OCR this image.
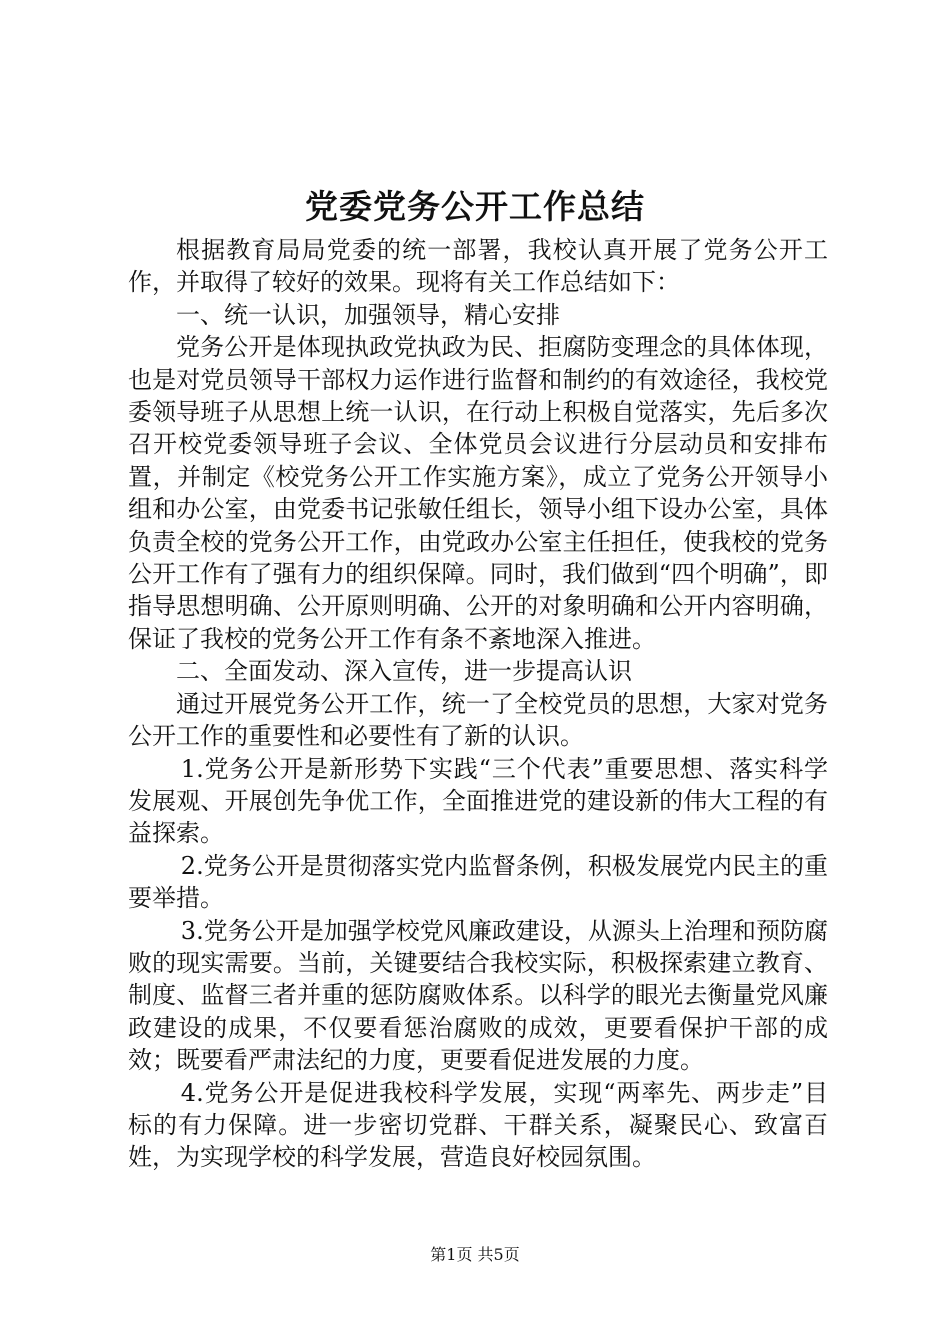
党委党务公开工作总结

根据教育局局党委的统一部署，我校认真开展了党务公开工作，并取得了较好的效果。现将有关工作总结如下：

一、统一认识，加强领导，精心安排

党务公开是体现执政党执政为民、拒腐防变理念的具体体现，也是对党员领导干部权力运作进行监督和制约的有效途径，我校党委领导班子从思想上统一认识，在行动上积极自觉落实，先后多次召开校党委领导班子会议、全体党员会议进行分层动员和安排布置，并制定《校党务公开工作实施方案》，成立了党务公开领导小组和办公室，由党委书记张敏任组长，领导小组下设办公室，具体负责全校的党务公开工作，由党政办公室主任担任，使我校的党务公开工作有了强有力的组织保障。同时，我们做到“四个明确”，即指导思想明确、公开原则明确、公开的对象明确和公开内容明确，保证了我校的党务公开工作有条不紊地深入推进。

二、全面发动、深入宣传，进一步提高认识

通过开展党务公开工作，统一了全校党员的思想，大家对党务公开工作的重要性和必要性有了新的认识。

1.党务公开是新形势下实践“三个代表”重要思想、落实科学发展观、开展创先争优工作，全面推进党的建设新的伟大工程的有益探索。

2.党务公开是贯彻落实党内监督条例，积极发展党内民主的重要举措。

3.党务公开是加强学校党风廉政建设，从源头上治理和预防腐败的现实需要。当前，关键要结合我校实际，积极探索建立教育、制度、监督三者并重的惩防腐败体系。以科学的眼光去衡量党风廉政建设的成果，不仅要看惩治腐败的成效，更要看保护干部的成效；既要看严肃法纪的力度，更要看促进发展的力度。

4.党务公开是促进我校科学发展，实现“两率先、两步走”目标的有力保障。进一步密切党群、干群关系，凝聚民心、致富百姓，为实现学校的科学发展，营造良好校园氛围。

第1页 共5页
